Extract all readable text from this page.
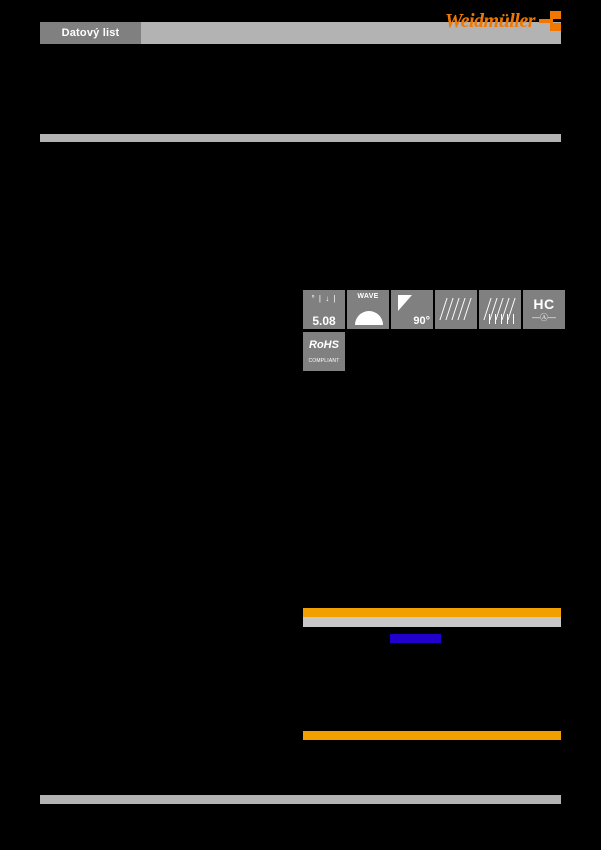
Datový list
Weidmüller
° | ↓ |
5.08
WAVE
90°
HC
—Ⓐ—
RoHS
COMPLIANT
